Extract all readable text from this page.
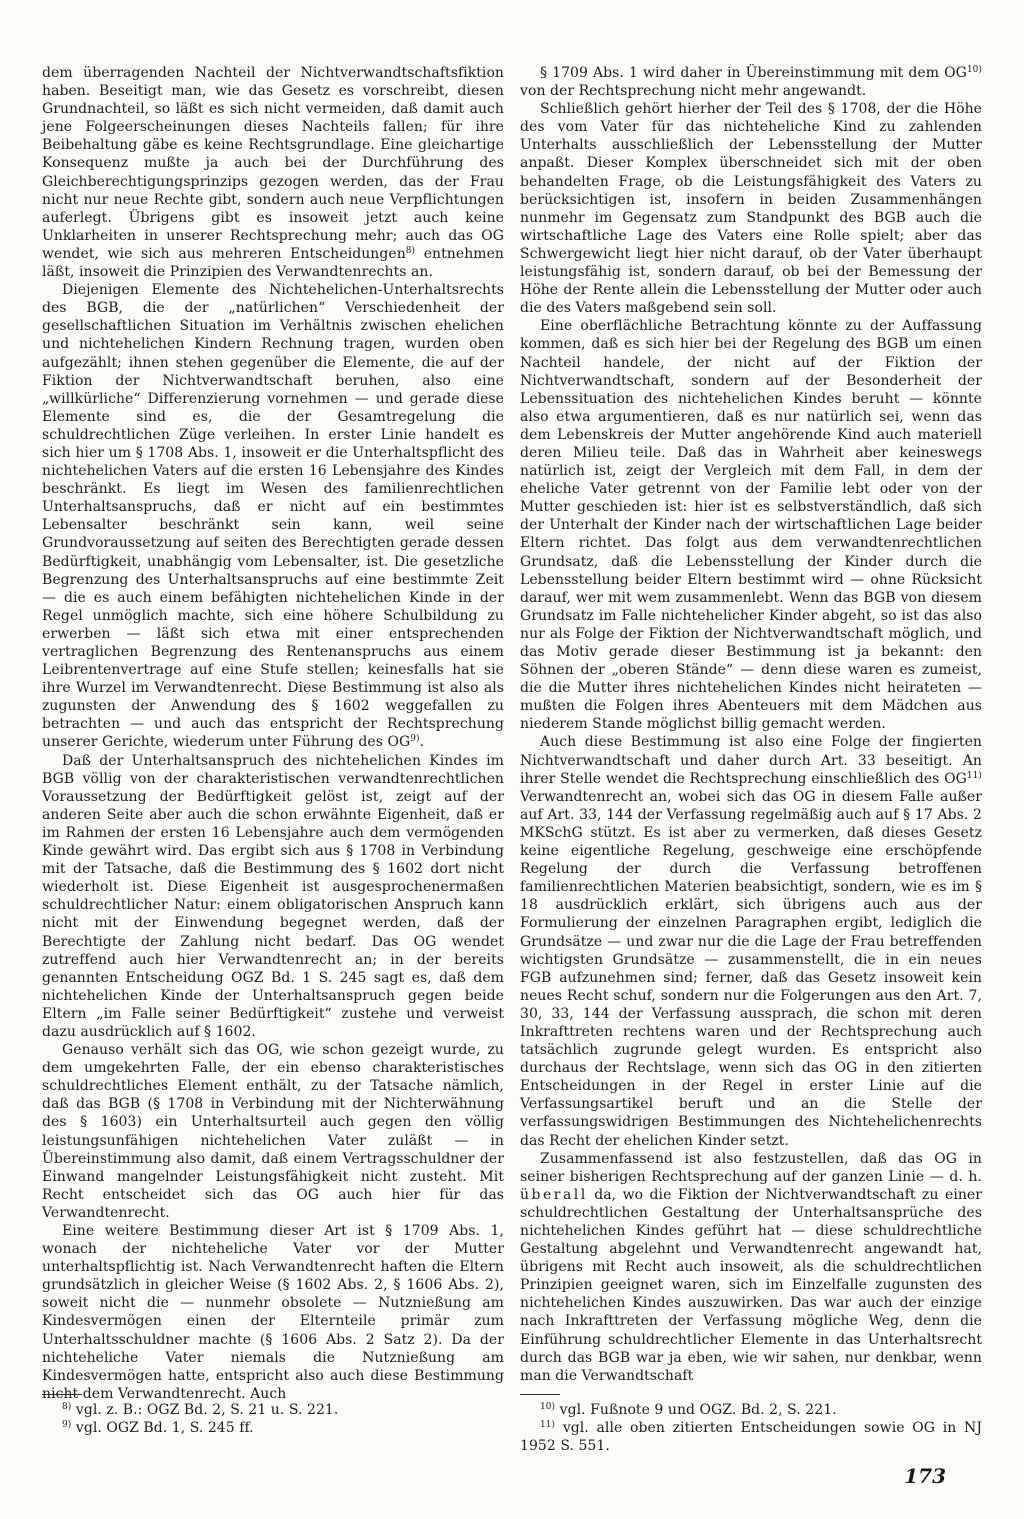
dem überragenden Nachteil der Nichtverwandtschaftsfiktion haben. Beseitigt man, wie das Gesetz es vorschreibt, diesen Grundnachteil, so läßt es sich nicht vermeiden, daß damit auch jene Folgeerscheinungen dieses Nachteils fallen; für ihre Beibehaltung gäbe es keine Rechtsgrundlage. Eine gleichartige Konsequenz mußte ja auch bei der Durchführung des Gleichberechtigungsprinzips gezogen werden, das der Frau nicht nur neue Rechte gibt, sondern auch neue Verpflichtungen auferlegt. Übrigens gibt es insoweit jetzt auch keine Unklarheiten in unserer Rechtsprechung mehr; auch das OG wendet, wie sich aus mehreren Entscheidungen$^{8)}$ entnehmen läßt, insoweit die Prinzipien des Verwandtenrechts an.

Diejenigen Elemente des Nichtehelichen-Unterhaltsrechts des BGB, die der „natürlichen“ Verschiedenheit der gesellschaftlichen Situation im Verhältnis zwischen ehelichen und nichtehelichen Kindern Rechnung tragen, wurden oben aufgezählt; ihnen stehen gegenüber die Elemente, die auf der Fiktion der Nichtverwandtschaft beruhen, also eine „willkürliche“ Differenzierung vornehmen — und gerade diese Elemente sind es, die der Gesamtregelung die schuldrechtlichen Züge verleihen. In erster Linie handelt es sich hier um § 1708 Abs. 1, insoweit er die Unterhaltspflicht des nichtehelichen Vaters auf die ersten 16 Lebensjahre des Kindes beschränkt. Es liegt im Wesen des familienrechtlichen Unterhaltsanspruchs, daß er nicht auf ein bestimmtes Lebensalter beschränkt sein kann, weil seine Grundvoraussetzung auf seiten des Berechtigten gerade dessen Bedürftigkeit, unabhängig vom Lebensalter, ist. Die gesetzliche Begrenzung des Unterhaltsanspruchs auf eine bestimmte Zeit — die es auch einem befähigten nichtehelichen Kinde in der Regel unmöglich machte, sich eine höhere Schulbildung zu erwerben — läßt sich etwa mit einer entsprechenden vertraglichen Begrenzung des Rentenanspruchs aus einem Leibrentenvertrage auf eine Stufe stellen; keinesfalls hat sie ihre Wurzel im Verwandtenrecht. Diese Bestimmung ist also als zugunsten der Anwendung des § 1602 weggefallen zu betrachten — und auch das entspricht der Rechtsprechung unserer Gerichte, wiederum unter Führung des OG$^{9)}$.

Daß der Unterhaltsanspruch des nichtehelichen Kindes im BGB völlig von der charakteristischen verwandtenrechtlichen Voraussetzung der Bedürftigkeit gelöst ist, zeigt auf der anderen Seite aber auch die schon erwähnte Eigenheit, daß er im Rahmen der ersten 16 Lebensjahre auch dem vermögenden Kinde gewährt wird. Das ergibt sich aus § 1708 in Verbindung mit der Tatsache, daß die Bestimmung des § 1602 dort nicht wiederholt ist. Diese Eigenheit ist ausgesprochenermaßen schuldrechtlicher Natur: einem obligatorischen Anspruch kann nicht mit der Einwendung begegnet werden, daß der Berechtigte der Zahlung nicht bedarf. Das OG wendet zutreffend auch hier Verwandtenrecht an; in der bereits genannten Entscheidung OGZ Bd. 1 S. 245 sagt es, daß dem nichtehelichen Kinde der Unterhaltsanspruch gegen beide Eltern „im Falle seiner Bedürftigkeit“ zustehe und verweist dazu ausdrücklich auf § 1602.

Genauso verhält sich das OG, wie schon gezeigt wurde, zu dem umgekehrten Falle, der ein ebenso charakteristisches schuldrechtliches Element enthält, zu der Tatsache nämlich, daß das BGB (§ 1708 in Verbindung mit der Nichterwähnung des § 1603) ein Unterhaltsurteil auch gegen den völlig leistungsunfähigen nichtehelichen Vater zuläßt — in Übereinstimmung also damit, daß einem Vertragsschuldner der Einwand mangelnder Leistungsfähigkeit nicht zusteht. Mit Recht entscheidet sich das OG auch hier für das Verwandtenrecht.

Eine weitere Bestimmung dieser Art ist § 1709 Abs. 1, wonach der nichteheliche Vater vor der Mutter unterhaltspflichtig ist. Nach Verwandtenrecht haften die Eltern grundsätzlich in gleicher Weise (§ 1602 Abs. 2, § 1606 Abs. 2), soweit nicht die — nunmehr obsolete — Nutznießung am Kindesvermögen einen der Elternteile primär zum Unterhaltsschuldner machte (§ 1606 Abs. 2 Satz 2). Da der nichteheliche Vater niemals die Nutznießung am Kindesvermögen hatte, entspricht also auch diese Bestimmung nicht dem Verwandtenrecht. Auch

$^{8)}$ vgl. z. B.: OGZ Bd. 2, S. 21 u. S. 221.

$^{9)}$ vgl. OGZ Bd. 1, S. 245 ff.

§ 1709 Abs. 1 wird daher in Übereinstimmung mit dem OG$^{10)}$ von der Rechtsprechung nicht mehr angewandt.

Schließlich gehört hierher der Teil des § 1708, der die Höhe des vom Vater für das nichteheliche Kind zu zahlenden Unterhalts ausschließlich der Lebensstellung der Mutter anpaßt. Dieser Komplex überschneidet sich mit der oben behandelten Frage, ob die Leistungsfähigkeit des Vaters zu berücksichtigen ist, insofern in beiden Zusammenhängen nunmehr im Gegensatz zum Standpunkt des BGB auch die wirtschaftliche Lage des Vaters eine Rolle spielt; aber das Schwergewicht liegt hier nicht darauf, ob der Vater überhaupt leistungsfähig ist, sondern darauf, ob bei der Bemessung der Höhe der Rente allein die Lebensstellung der Mutter oder auch die des Vaters maßgebend sein soll.

Eine oberflächliche Betrachtung könnte zu der Auffassung kommen, daß es sich hier bei der Regelung des BGB um einen Nachteil handele, der nicht auf der Fiktion der Nichtverwandtschaft, sondern auf der Besonderheit der Lebenssituation des nichtehelichen Kindes beruht — könnte also etwa argumentieren, daß es nur natürlich sei, wenn das dem Lebenskreis der Mutter angehörende Kind auch materiell deren Milieu teile. Daß das in Wahrheit aber keineswegs natürlich ist, zeigt der Vergleich mit dem Fall, in dem der eheliche Vater getrennt von der Familie lebt oder von der Mutter geschieden ist: hier ist es selbstverständlich, daß sich der Unterhalt der Kinder nach der wirtschaftlichen Lage beider Eltern richtet. Das folgt aus dem verwandtenrechtlichen Grundsatz, daß die Lebensstellung der Kinder durch die Lebensstellung beider Eltern bestimmt wird — ohne Rücksicht darauf, wer mit wem zusammenlebt. Wenn das BGB von diesem Grundsatz im Falle nichtehelicher Kinder abgeht, so ist das also nur als Folge der Fiktion der Nichtverwandtschaft möglich, und das Motiv gerade dieser Bestimmung ist ja bekannt: den Söhnen der „oberen Stände“ — denn diese waren es zumeist, die die Mutter ihres nichtehelichen Kindes nicht heirateten — mußten die Folgen ihres Abenteuers mit dem Mädchen aus niederem Stande möglichst billig gemacht werden.

Auch diese Bestimmung ist also eine Folge der fingierten Nichtverwandtschaft und daher durch Art. 33 beseitigt. An ihrer Stelle wendet die Rechtsprechung einschließlich des OG$^{11)}$ Verwandtenrecht an, wobei sich das OG in diesem Falle außer auf Art. 33, 144 der Verfassung regelmäßig auch auf § 17 Abs. 2 MKSchG stützt. Es ist aber zu vermerken, daß dieses Gesetz keine eigentliche Regelung, geschweige eine erschöpfende Regelung der durch die Verfassung betroffenen familienrechtlichen Materien beabsichtigt, sondern, wie es im § 18 ausdrücklich erklärt, sich übrigens auch aus der Formulierung der einzelnen Paragraphen ergibt, lediglich die Grundsätze — und zwar nur die die Lage der Frau betreffenden wichtigsten Grundsätze — zusammenstellt, die in ein neues FGB aufzunehmen sind; ferner, daß das Gesetz insoweit kein neues Recht schuf, sondern nur die Folgerungen aus den Art. 7, 30, 33, 144 der Verfassung aussprach, die schon mit deren Inkrafttreten rechtens waren und der Rechtsprechung auch tatsächlich zugrunde gelegt wurden. Es entspricht also durchaus der Rechtslage, wenn sich das OG in den zitierten Entscheidungen in der Regel in erster Linie auf die Verfassungsartikel beruft und an die Stelle der verfassungswidrigen Bestimmungen des Nichtehelichenrechts das Recht der ehelichen Kinder setzt.

Zusammenfassend ist also festzustellen, daß das OG in seiner bisherigen Rechtsprechung auf der ganzen Linie — d. h. überall da, wo die Fiktion der Nichtverwandtschaft zu einer schuldrechtlichen Gestaltung der Unterhaltsansprüche des nichtehelichen Kindes geführt hat — diese schuldrechtliche Gestaltung abgelehnt und Verwandtenrecht angewandt hat, übrigens mit Recht auch insoweit, als die schuldrechtlichen Prinzipien geeignet waren, sich im Einzelfalle zugunsten des nichtehelichen Kindes auszuwirken. Das war auch der einzige nach Inkrafttreten der Verfassung mögliche Weg, denn die Einführung schuldrechtlicher Elemente in das Unterhaltsrecht durch das BGB war ja eben, wie wir sahen, nur denkbar, wenn man die Verwandtschaft

$^{10)}$ vgl. Fußnote 9 und OGZ. Bd. 2, S. 221.

$^{11)}$ vgl. alle oben zitierten Entscheidungen sowie OG in NJ 1952 S. 551.

173
